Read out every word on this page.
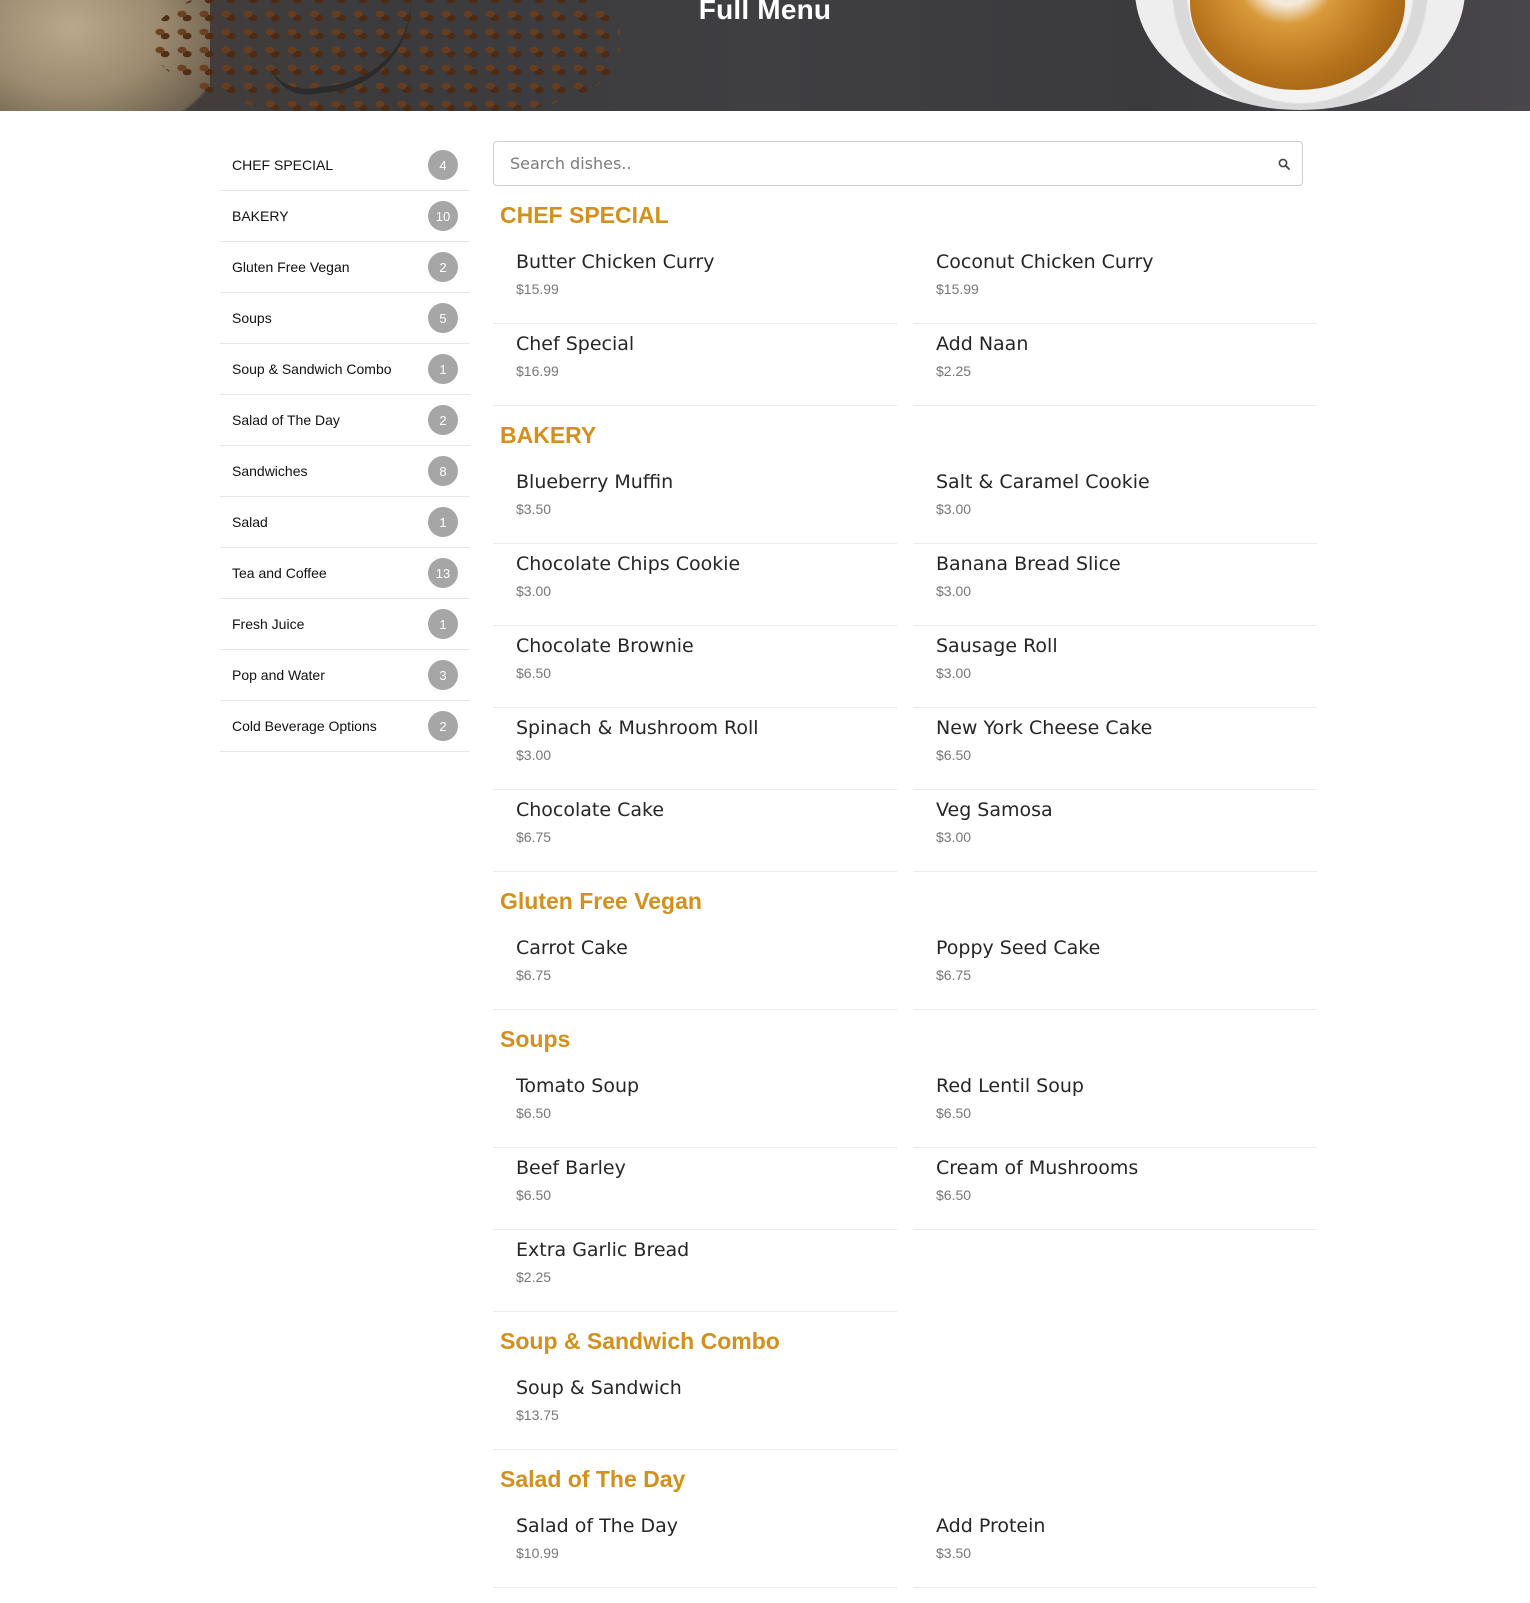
Full Menu
CHEF SPECIAL	4
BAKERY	10
Gluten Free Vegan	2
Soups	5
Soup & Sandwich Combo	1
Salad of The Day	2
Sandwiches	8
Salad	1
Tea and Coffee	13
Fresh Juice	1
Pop and Water	3
Cold Beverage Options	2
Search dishes..
CHEF SPECIAL
Butter Chicken Curry
$15.99
Coconut Chicken Curry
$15.99
Chef Special
$16.99
Add Naan
$2.25
BAKERY
Blueberry Muffin
$3.50
Salt & Caramel Cookie
$3.00
Chocolate Chips Cookie
$3.00
Banana Bread Slice
$3.00
Chocolate Brownie
$6.50
Sausage Roll
$3.00
Spinach & Mushroom Roll
$3.00
New York Cheese Cake
$6.50
Chocolate Cake
$6.75
Veg Samosa
$3.00
Gluten Free Vegan
Carrot Cake
$6.75
Poppy Seed Cake
$6.75
Soups
Tomato Soup
$6.50
Red Lentil Soup
$6.50
Beef Barley
$6.50
Cream of Mushrooms
$6.50
Extra Garlic Bread
$2.25
Soup & Sandwich Combo
Soup & Sandwich
$13.75
Salad of The Day
Salad of The Day
$10.99
Add Protein
$3.50
